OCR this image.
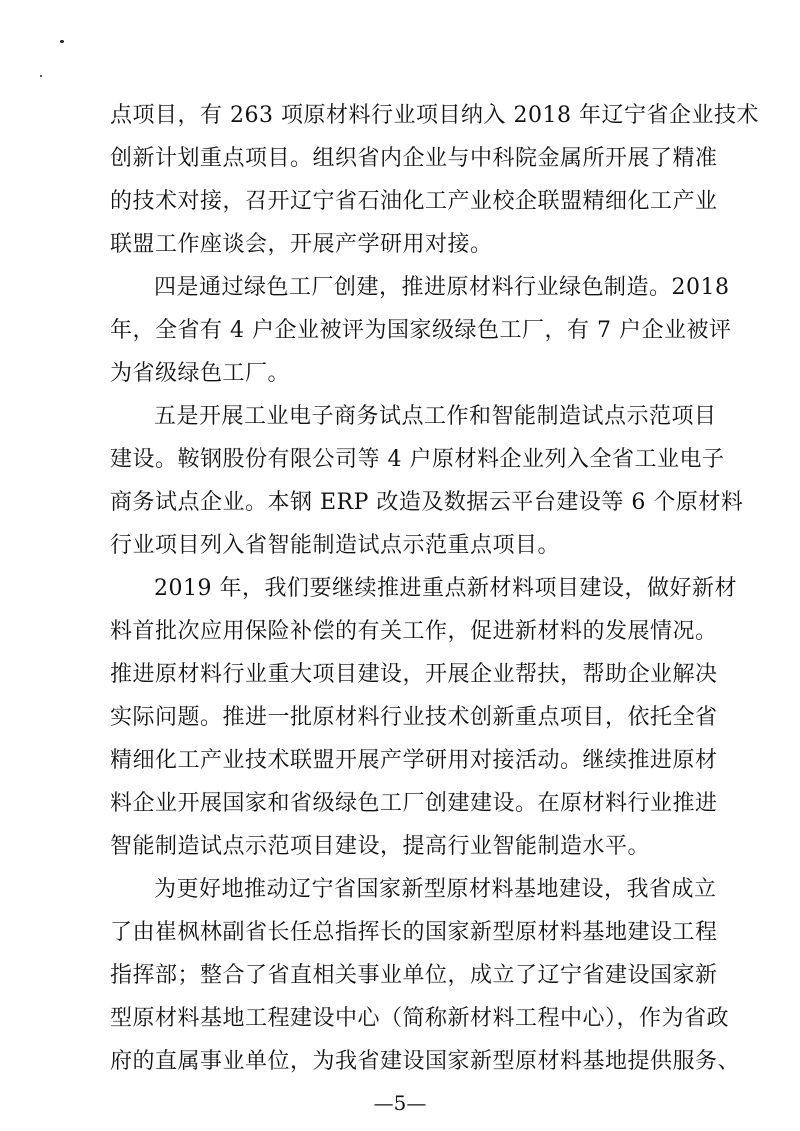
点项目，有 263 项原材料行业项目纳入 2018 年辽宁省企业技术
创新计划重点项目。组织省内企业与中科院金属所开展了精准
的技术对接，召开辽宁省石油化工产业校企联盟精细化工产业
联盟工作座谈会，开展产学研用对接。
四是通过绿色工厂创建，推进原材料行业绿色制造。2018
年，全省有 4 户企业被评为国家级绿色工厂，有 7 户企业被评
为省级绿色工厂。
五是开展工业电子商务试点工作和智能制造试点示范项目
建设。鞍钢股份有限公司等 4 户原材料企业列入全省工业电子
商务试点企业。本钢 ERP 改造及数据云平台建设等 6 个原材料
行业项目列入省智能制造试点示范重点项目。
2019 年，我们要继续推进重点新材料项目建设，做好新材
料首批次应用保险补偿的有关工作，促进新材料的发展情况。
推进原材料行业重大项目建设，开展企业帮扶，帮助企业解决
实际问题。推进一批原材料行业技术创新重点项目，依托全省
精细化工产业技术联盟开展产学研用对接活动。继续推进原材
料企业开展国家和省级绿色工厂创建建设。在原材料行业推进
智能制造试点示范项目建设，提高行业智能制造水平。
为更好地推动辽宁省国家新型原材料基地建设，我省成立
了由崔枫林副省长任总指挥长的国家新型原材料基地建设工程
指挥部；整合了省直相关事业单位，成立了辽宁省建设国家新
型原材料基地工程建设中心（简称新材料工程中心），作为省政
府的直属事业单位，为我省建设国家新型原材料基地提供服务、
—5—
